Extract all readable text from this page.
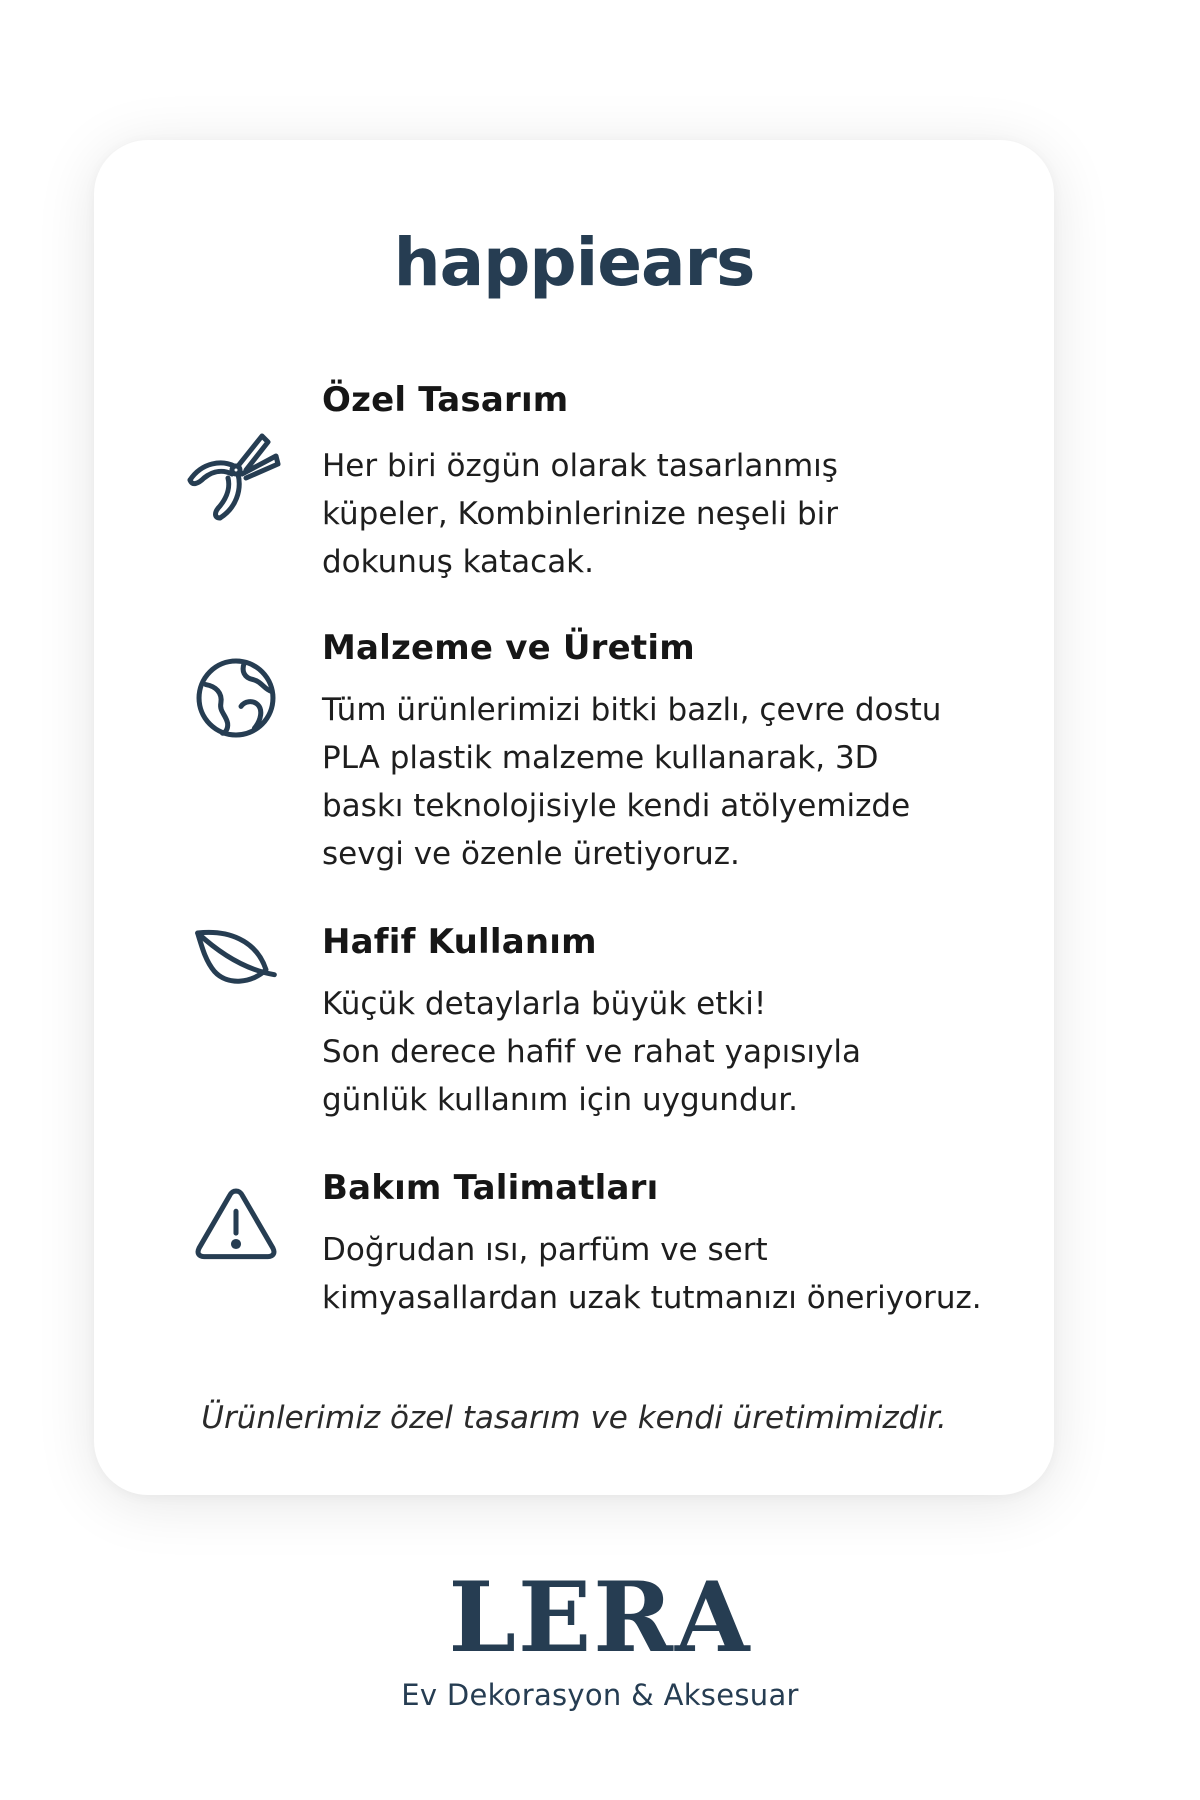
happiears
Özel Tasarım
Her biri özgün olarak tasarlanmış
küpeler, Kombinlerinize neşeli bir
dokunuş katacak.
Malzeme ve Üretim
Tüm ürünlerimizi bitki bazlı, çevre dostu
PLA plastik malzeme kullanarak, 3D
baskı teknolojisiyle kendi atölyemizde
sevgi ve özenle üretiyoruz.
Hafif Kullanım
Küçük detaylarla büyük etki!
Son derece hafif ve rahat yapısıyla
günlük kullanım için uygundur.
Bakım Talimatları
Doğrudan ısı, parfüm ve sert
kimyasallardan uzak tutmanızı öneriyoruz.
Ürünlerimiz özel tasarım ve kendi üretimimizdir.
LERA
Ev Dekorasyon & Aksesuar
